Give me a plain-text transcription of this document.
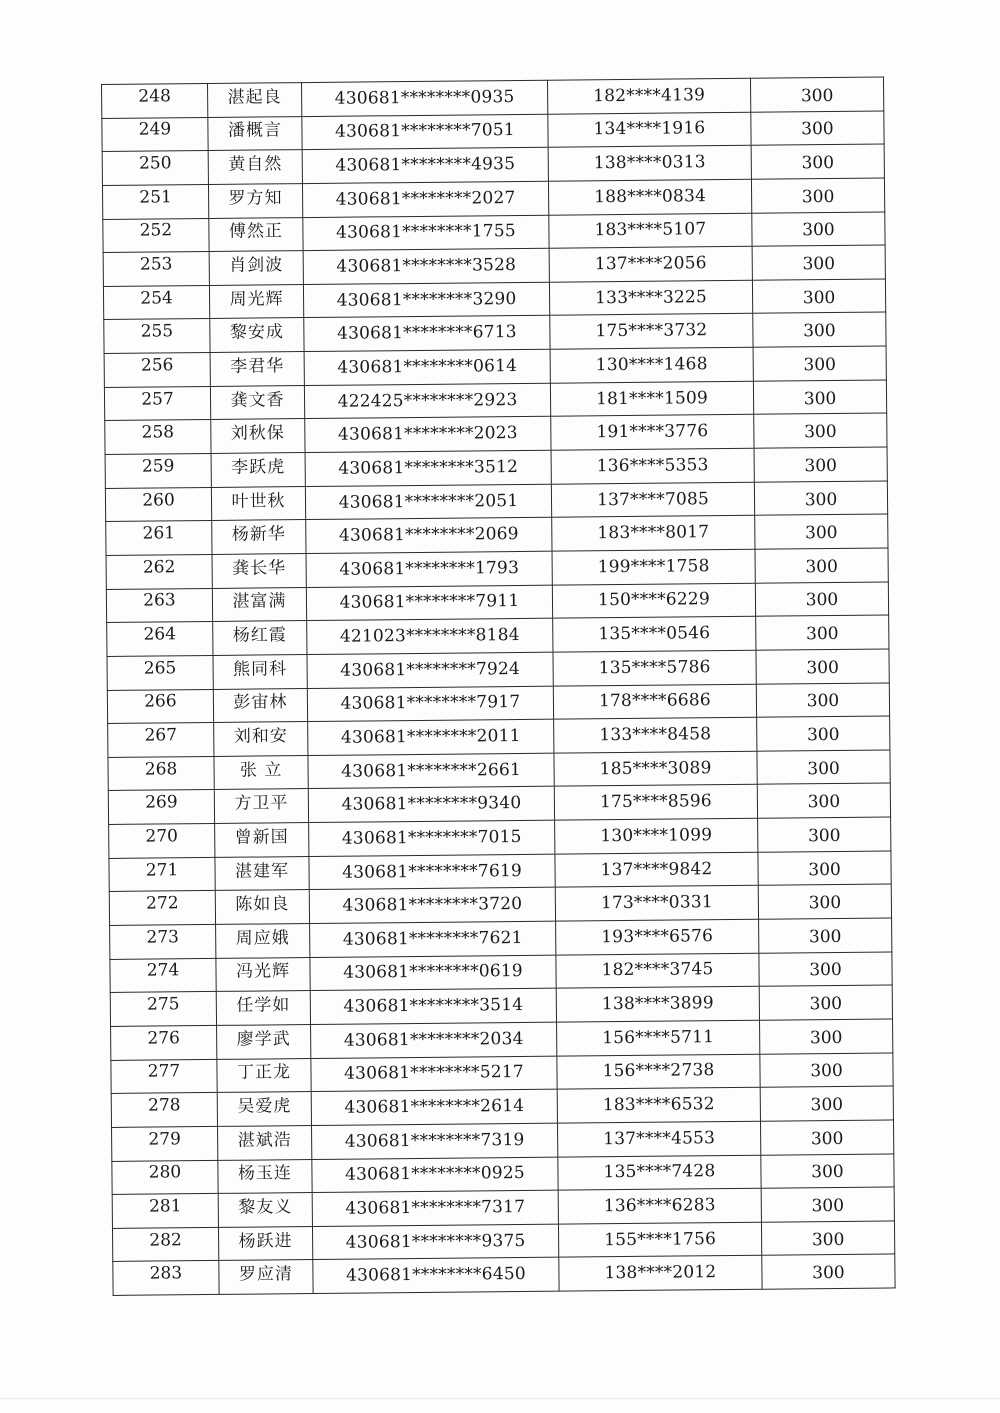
248	湛起良	430681********0935	182****4139	300
249	潘概言	430681********7051	134****1916	300
250	黄自然	430681********4935	138****0313	300
251	罗方知	430681********2027	188****0834	300
252	傅然正	430681********1755	183****5107	300
253	肖剑波	430681********3528	137****2056	300
254	周光辉	430681********3290	133****3225	300
255	黎安成	430681********6713	175****3732	300
256	李君华	430681********0614	130****1468	300
257	龚文香	422425********2923	181****1509	300
258	刘秋保	430681********2023	191****3776	300
259	李跃虎	430681********3512	136****5353	300
260	叶世秋	430681********2051	137****7085	300
261	杨新华	430681********2069	183****8017	300
262	龚长华	430681********1793	199****1758	300
263	湛富满	430681********7911	150****6229	300
264	杨红霞	421023********8184	135****0546	300
265	熊同科	430681********7924	135****5786	300
266	彭宙林	430681********7917	178****6686	300
267	刘和安	430681********2011	133****8458	300
268	张 立	430681********2661	185****3089	300
269	方卫平	430681********9340	175****8596	300
270	曾新国	430681********7015	130****1099	300
271	湛建军	430681********7619	137****9842	300
272	陈如良	430681********3720	173****0331	300
273	周应娥	430681********7621	193****6576	300
274	冯光辉	430681********0619	182****3745	300
275	任学如	430681********3514	138****3899	300
276	廖学武	430681********2034	156****5711	300
277	丁正龙	430681********5217	156****2738	300
278	吴爱虎	430681********2614	183****6532	300
279	湛斌浩	430681********7319	137****4553	300
280	杨玉连	430681********0925	135****7428	300
281	黎友义	430681********7317	136****6283	300
282	杨跃进	430681********9375	155****1756	300
283	罗应清	430681********6450	138****2012	300
